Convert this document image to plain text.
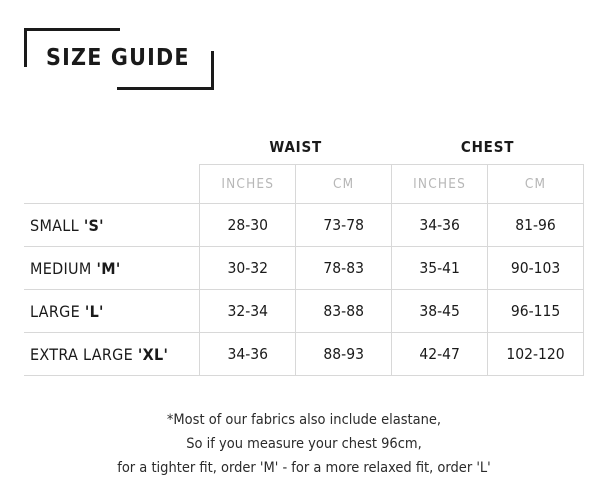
SIZE GUIDE
	WAIST		CHEST	
	INCHES	CM	INCHES	CM
SMALL 'S'	28-30	73-78	34-36	81-96
MEDIUM 'M'	30-32	78-83	35-41	90-103
LARGE 'L'	32-34	83-88	38-45	96-115
EXTRA LARGE 'XL'	34-36	88-93	42-47	102-120
*Most of our fabrics also include elastane,
So if you measure your chest 96cm,
for a tighter fit, order 'M' - for a more relaxed fit, order 'L'
